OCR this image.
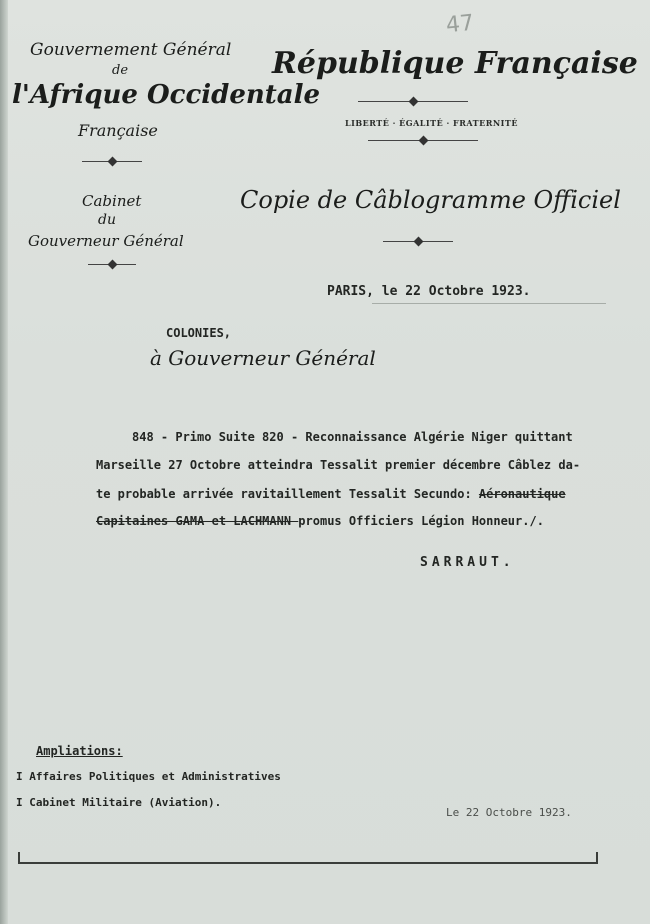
47
Gouvernement Général
de
l'Afrique Occidentale
Française
Cabinet
du
Gouverneur Général
République Française
LIBERTÉ · ÉGALITÉ · FRATERNITÉ
Copie de Câblogramme Officiel
PARIS, le 22 Octobre 1923.
COLONIES,
à Gouverneur Général
848 - Primo Suite 820 - Reconnaissance Algérie Niger quittant
Marseille 27 Octobre atteindra Tessalit premier décembre Câblez da-
te probable arrivée ravitaillement Tessalit Secundo: Aéronautique
Capitaines GAMA et LACHMANN promus Officiers Légion Honneur./.
SARRAUT.
Ampliations:
I Affaires Politiques et Administratives
I Cabinet Militaire (Aviation).
Le 22 Octobre 1923.
